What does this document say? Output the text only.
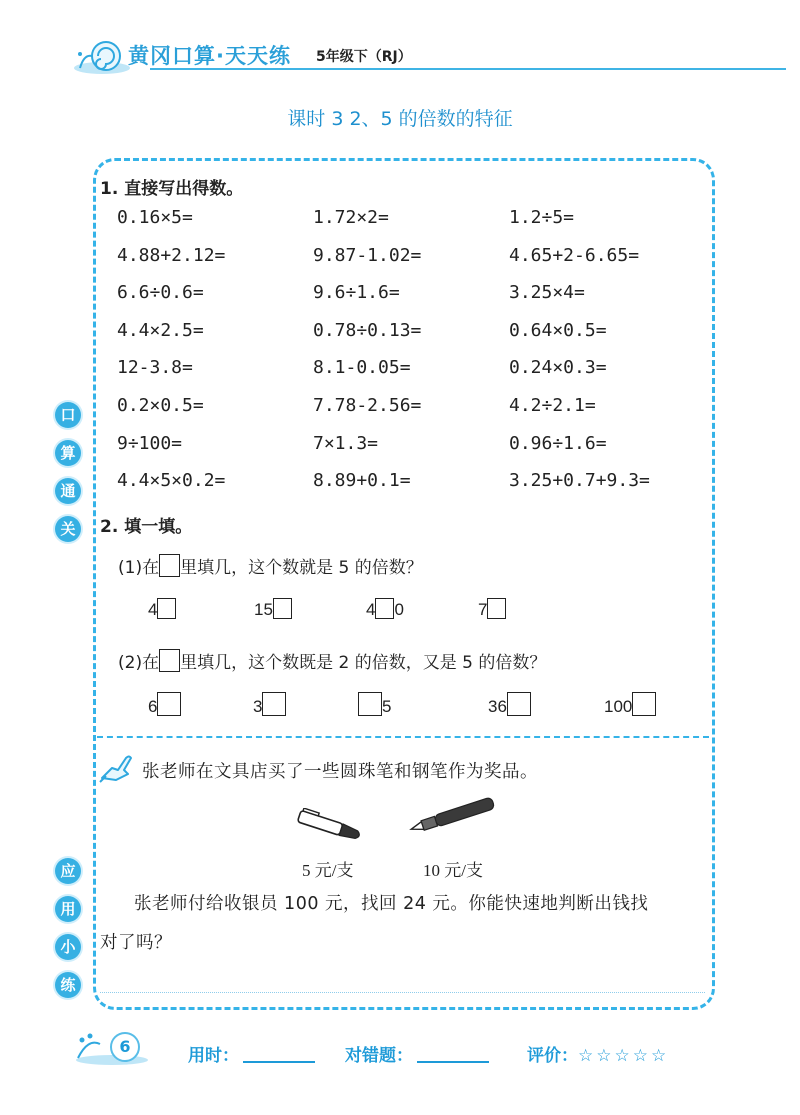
黄冈口算·天天练 5年级下（RJ）
课时 3 2、5 的倍数的特征
口
算
通
关
应
用
小
练
1. 直接写出得数。
0.16×5=	1.72×2=	1.2÷5=
4.88+2.12=	9.87-1.02=	4.65+2-6.65=
6.6÷0.6=	9.6÷1.6=	3.25×4=
4.4×2.5=	0.78÷0.13=	0.64×0.5=
12-3.8=	8.1-0.05=	0.24×0.3=
0.2×0.5=	7.78-2.56=	4.2÷2.1=
9÷100=	7×1.3=	0.96÷1.6=
4.4×5×0.2=	8.89+0.1=	3.25+0.7+9.3=
2. 填一填。
(1)在 里填几，这个数就是 5 的倍数？
4	15	4 0	7
(2)在 里填几，这个数既是 2 的倍数，又是 5 的倍数？
6	3	5	36	100
张老师在文具店买了一些圆珠笔和钢笔作为奖品。
5 元/支	10 元/支
张老师付给收银员 100 元，找回 24 元。你能快速地判断出钱找
对了吗？
6	用时：	对错题：	评价：☆☆☆☆☆
